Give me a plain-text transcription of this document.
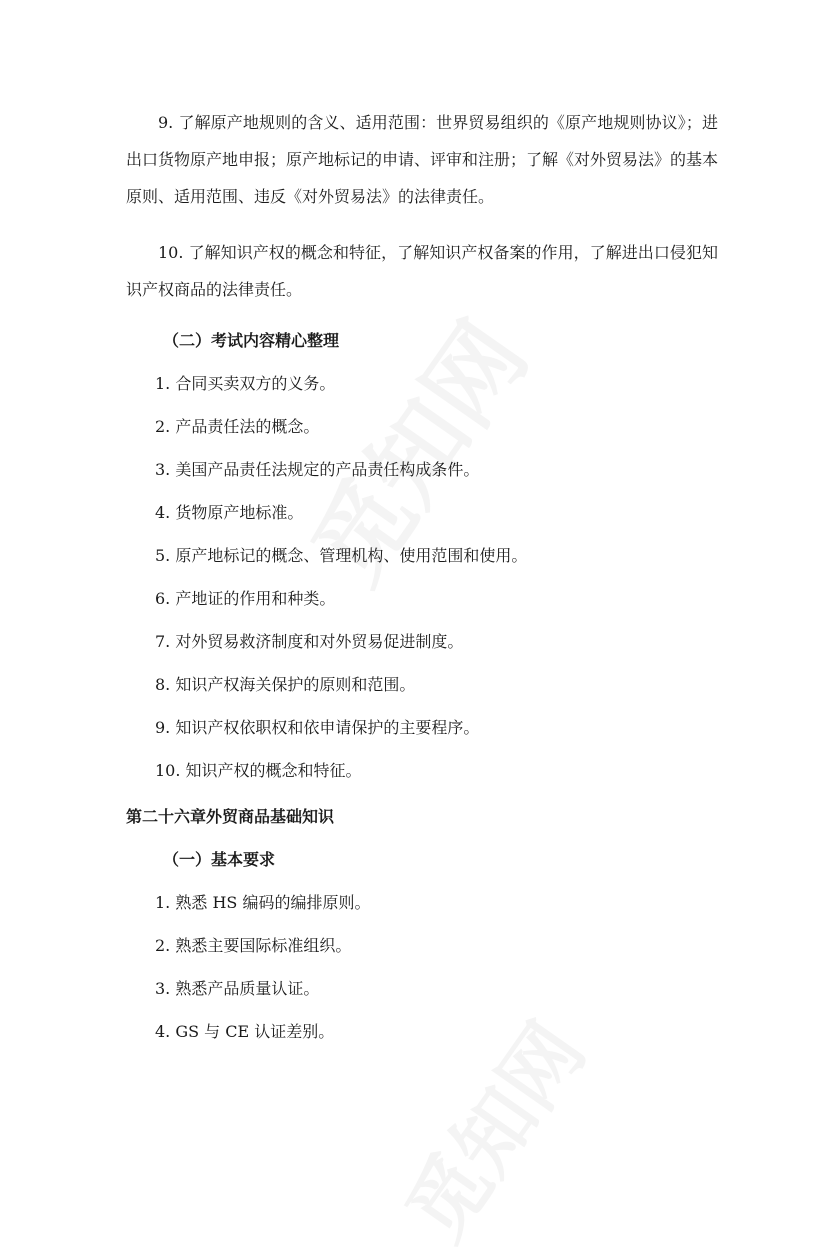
9. 了解原产地规则的含义、适用范围：世界贸易组织的《原产地规则协议》；进出口货物原产地申报；原产地标记的申请、评审和注册；了解《对外贸易法》的基本原则、适用范围、违反《对外贸易法》的法律责任。

10. 了解知识产权的概念和特征，了解知识产权备案的作用，了解进出口侵犯知识产权商品的法律责任。

（二）考试内容精心整理
1. 合同买卖双方的义务。
2. 产品责任法的概念。
3. 美国产品责任法规定的产品责任构成条件。
4. 货物原产地标准。
5. 原产地标记的概念、管理机构、使用范围和使用。
6. 产地证的作用和种类。
7. 对外贸易救济制度和对外贸易促进制度。
8. 知识产权海关保护的原则和范围。
9. 知识产权依职权和依申请保护的主要程序。
10. 知识产权的概念和特征。
第二十六章外贸商品基础知识
（一）基本要求
1. 熟悉 HS 编码的编排原则。
2. 熟悉主要国际标准组织。
3. 熟悉产品质量认证。
4. GS 与 CE 认证差别。
